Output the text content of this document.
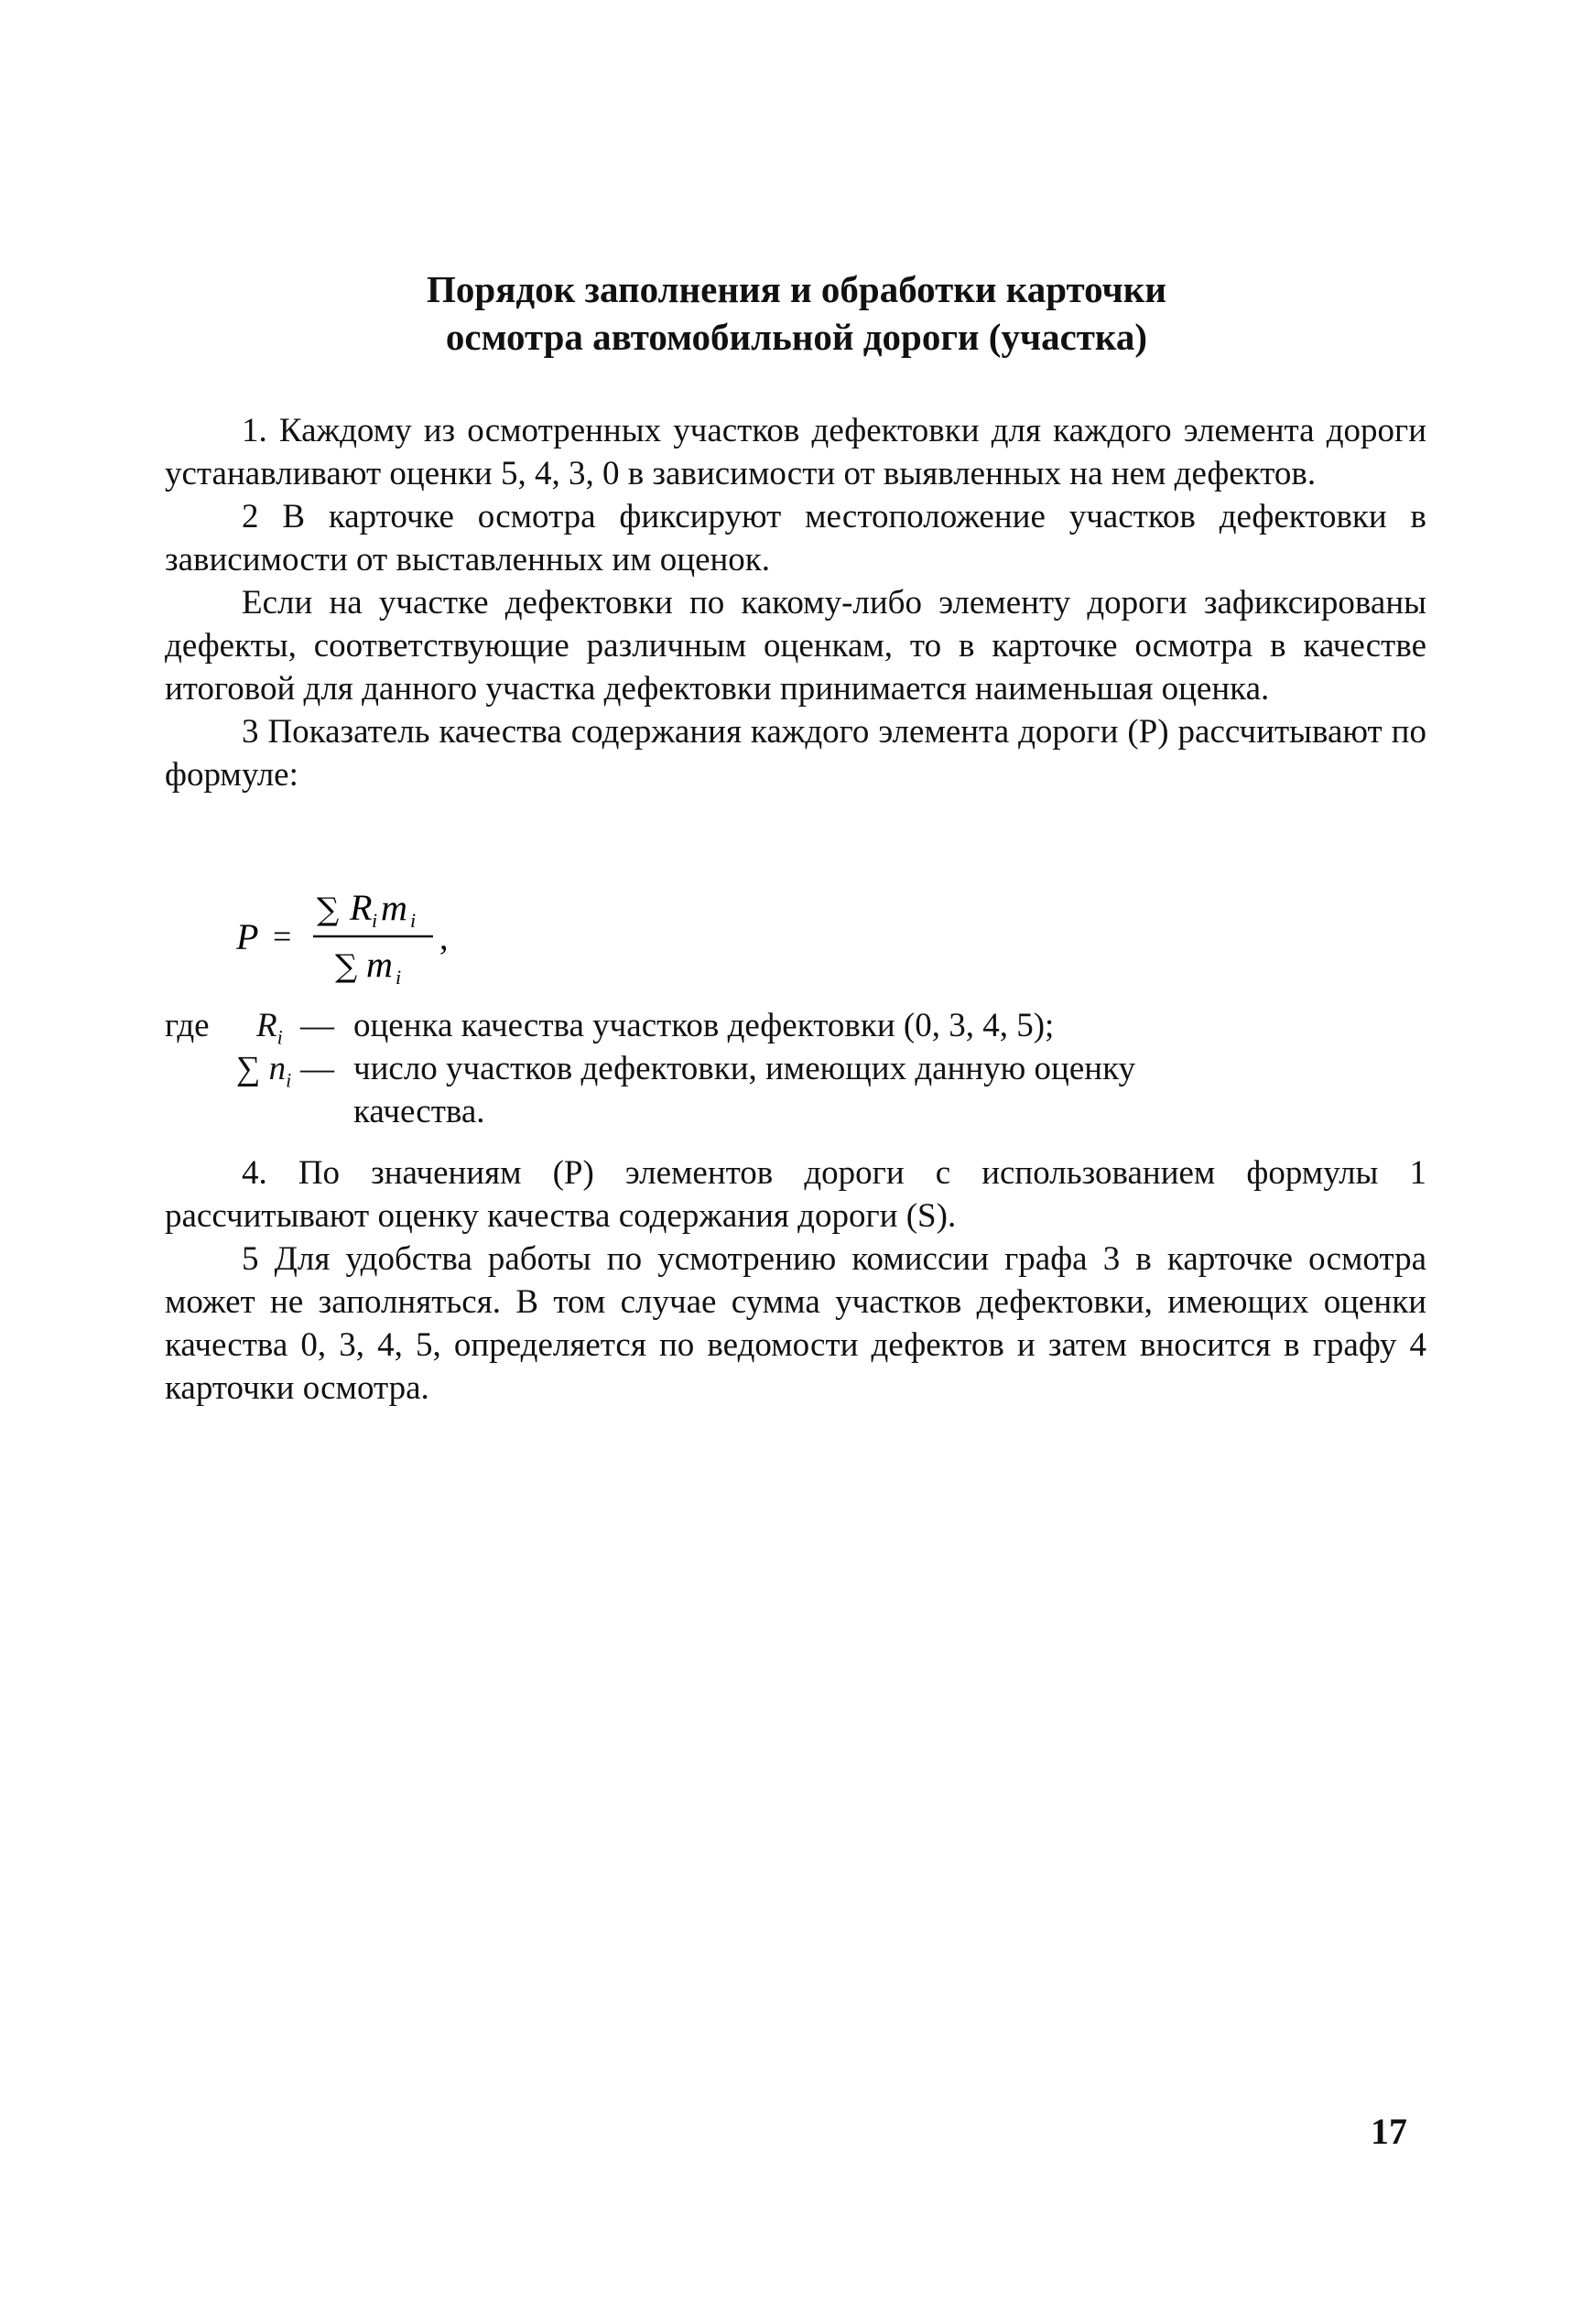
Порядок заполнения и обработки карточки
осмотра автомобильной дороги (участка)

1. Каждому из осмотренных участков дефектовки для каждого элемента дороги устанавливают оценки 5, 4, 3, 0 в зависимости от выявленных на нем дефектов.

2 В карточке осмотра фиксируют местоположение участков дефектовки в зависимости от выставленных им оценок.

Если на участке дефектовки по какому-либо элементу дороги зафиксированы дефекты, соответствующие различным оценкам, то в карточке осмотра в качестве итоговой для данного участка дефектовки принимается наименьшая оценка.

3 Показатель качества содержания каждого элемента дороги (Р) рассчитывают по формуле:

P =
∑ R i m i
∑ m i
,
где $R_i$ — оценка качества участков дефектовки (0, 3, 4, 5);
∑ $n_i$ — число участков дефектовки, имеющих данную оценку
качества.

4. По значениям (Р) элементов дороги с использованием формулы 1 рассчитывают оценку качества содержания дороги (S).

5 Для удобства работы по усмотрению комиссии графа 3 в карточке осмотра может не заполняться. В том случае сумма участков дефектовки, имеющих оценки качества 0, 3, 4, 5, определяется по ведомости дефектов и затем вносится в графу 4 карточки осмотра.

17
